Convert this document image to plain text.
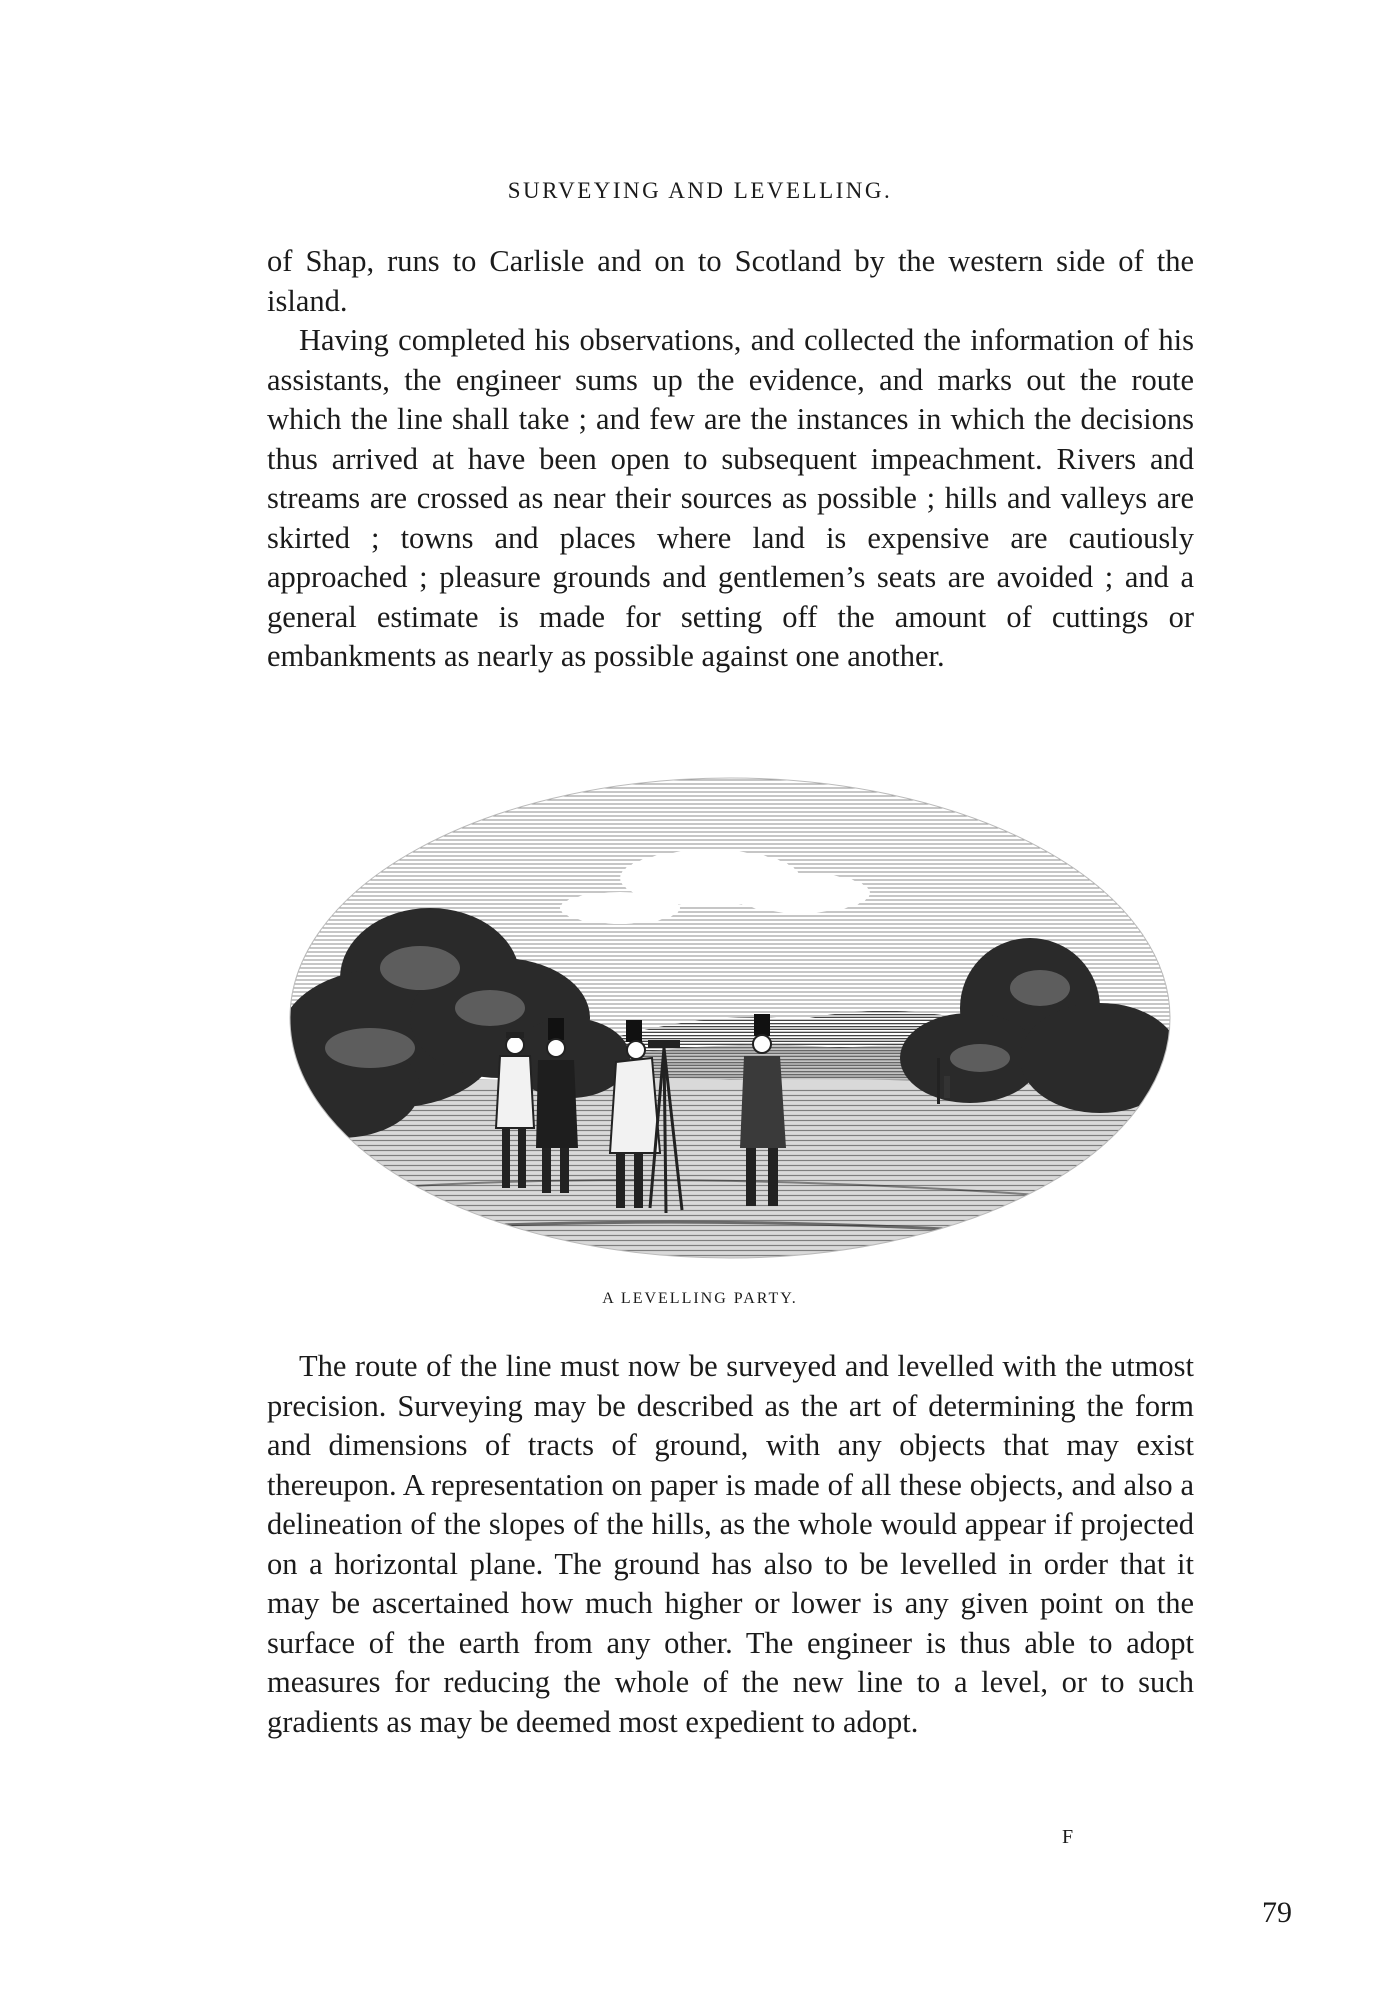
SURVEYING AND LEVELLING.

of Shap, runs to Carlisle and on to Scotland by the western side of the island.

Having completed his observations, and collected the information of his assistants, the engineer sums up the evidence, and marks out the route which the line shall take ; and few are the instances in which the decisions thus arrived at have been open to subsequent impeachment. Rivers and streams are crossed as near their sources as possible ; hills and valleys are skirted ; towns and places where land is expensive are cautiously approached ; pleasure grounds and gentlemen’s seats are avoided ; and a general estimate is made for setting off the amount of cuttings or embankments as nearly as possible against one another.

A LEVELLING PARTY.

The route of the line must now be surveyed and levelled with the utmost precision. Surveying may be described as the art of determining the form and dimensions of tracts of ground, with any objects that may exist thereupon. A representation on paper is made of all these objects, and also a delineation of the slopes of the hills, as the whole would appear if projected on a horizontal plane. The ground has also to be levelled in order that it may be ascertained how much higher or lower is any given point on the surface of the earth from any other. The engineer is thus able to adopt measures for reducing the whole of the new line to a level, or to such gradients as may be deemed most expedient to adopt.

F
79
